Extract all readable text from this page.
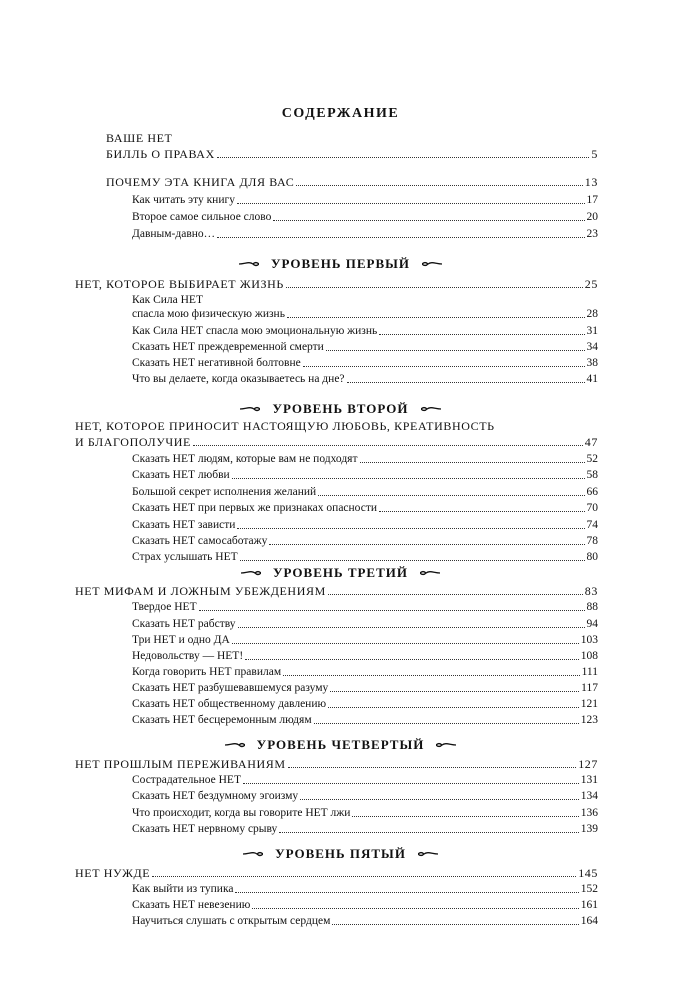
СОДЕРЖАНИЕ
ВАШЕ НЕТ
БИЛЛЬ О ПРАВАХ	5
ПОЧЕМУ ЭТА КНИГА ДЛЯ ВАС	13
Как читать эту книгу	17
Второе самое сильное слово	20
Давным-давно…	23
УРОВЕНЬ ПЕРВЫЙ
НЕТ, КОТОРОЕ ВЫБИРАЕТ ЖИЗНЬ	25
Как Сила НЕТ
спасла мою физическую жизнь	28
Как Сила НЕТ спасла мою эмоциональную жизнь	31
Сказать НЕТ преждевременной смерти	34
Сказать НЕТ негативной болтовне	38
Что вы делаете, когда оказываетесь на дне?	41
УРОВЕНЬ ВТОРОЙ
НЕТ, КОТОРОЕ ПРИНОСИТ НАСТОЯЩУЮ ЛЮБОВЬ, КРЕАТИВНОСТЬ
И БЛАГОПОЛУЧИЕ	47
Сказать НЕТ людям, которые вам не подходят	52
Сказать НЕТ любви	58
Большой секрет исполнения желаний	66
Сказать НЕТ при первых же признаках опасности	70
Сказать НЕТ зависти	74
Сказать НЕТ самосаботажу	78
Страх услышать НЕТ	80
УРОВЕНЬ ТРЕТИЙ
НЕТ МИФАМ И ЛОЖНЫМ УБЕЖДЕНИЯМ	83
Твердое НЕТ	88
Сказать НЕТ рабству	94
Три НЕТ и одно ДА	103
Недовольству — НЕТ!	108
Когда говорить НЕТ правилам	111
Сказать НЕТ разбушевавшемуся разуму	117
Сказать НЕТ общественному давлению	121
Сказать НЕТ бесцеремонным людям	123
УРОВЕНЬ ЧЕТВЕРТЫЙ
НЕТ ПРОШЛЫМ ПЕРЕЖИВАНИЯМ	127
Сострадательное НЕТ	131
Сказать НЕТ бездумному эгоизму	134
Что происходит, когда вы говорите НЕТ лжи	136
Сказать НЕТ нервному срыву	139
УРОВЕНЬ ПЯТЫЙ
НЕТ НУЖДЕ	145
Как выйти из тупика	152
Сказать НЕТ невезению	161
Научиться слушать с открытым сердцем	164
